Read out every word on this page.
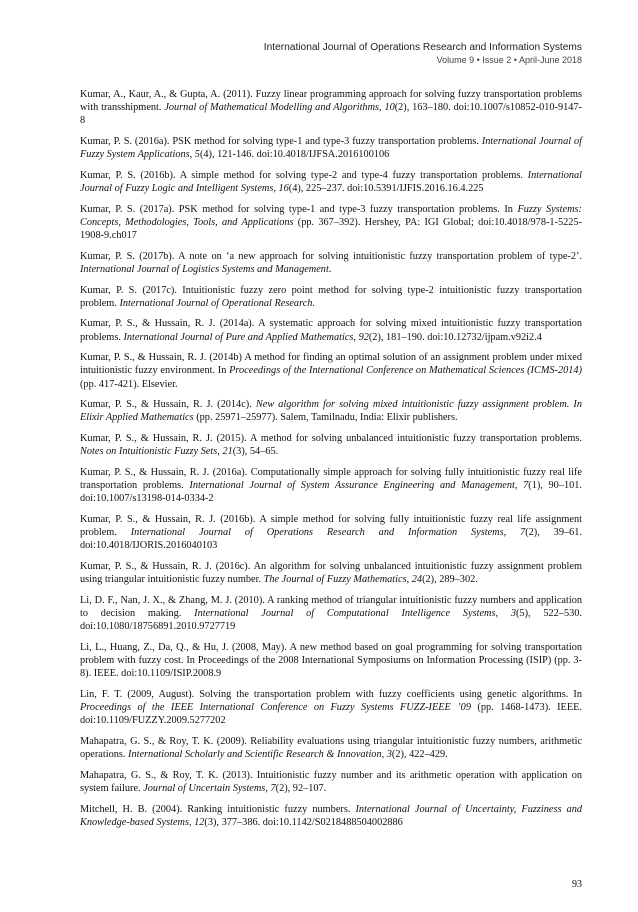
International Journal of Operations Research and Information Systems
Volume 9 • Issue 2 • April-June 2018

Kumar, A., Kaur, A., & Gupta, A. (2011). Fuzzy linear programming approach for solving fuzzy transportation problems with transshipment. Journal of Mathematical Modelling and Algorithms, 10(2), 163–180. doi:10.1007/s10852-010-9147-8

Kumar, P. S. (2016a). PSK method for solving type-1 and type-3 fuzzy transportation problems. International Journal of Fuzzy System Applications, 5(4), 121-146. doi:10.4018/IJFSA.2016100106

Kumar, P. S. (2016b). A simple method for solving type-2 and type-4 fuzzy transportation problems. International Journal of Fuzzy Logic and Intelligent Systems, 16(4), 225–237. doi:10.5391/IJFIS.2016.16.4.225

Kumar, P. S. (2017a). PSK method for solving type-1 and type-3 fuzzy transportation problems. In Fuzzy Systems: Concepts, Methodologies, Tools, and Applications (pp. 367–392). Hershey, PA: IGI Global; doi:10.4018/978-1-5225-1908-9.ch017

Kumar, P. S. (2017b). A note on ‘a new approach for solving intuitionistic fuzzy transportation problem of type-2’. International Journal of Logistics Systems and Management.

Kumar, P. S. (2017c). Intuitionistic fuzzy zero point method for solving type-2 intuitionistic fuzzy transportation problem. International Journal of Operational Research.

Kumar, P. S., & Hussain, R. J. (2014a). A systematic approach for solving mixed intuitionistic fuzzy transportation problems. International Journal of Pure and Applied Mathematics, 92(2), 181–190. doi:10.12732/ijpam.v92i2.4

Kumar, P. S., & Hussain, R. J. (2014b) A method for finding an optimal solution of an assignment problem under mixed intuitionistic fuzzy environment. In Proceedings of the International Conference on Mathematical Sciences (ICMS-2014) (pp. 417-421). Elsevier.

Kumar, P. S., & Hussain, R. J. (2014c). New algorithm for solving mixed intuitionistic fuzzy assignment problem. In Elixir Applied Mathematics (pp. 25971–25977). Salem, Tamilnadu, India: Elixir publishers.

Kumar, P. S., & Hussain, R. J. (2015). A method for solving unbalanced intuitionistic fuzzy transportation problems. Notes on Intuitionistic Fuzzy Sets, 21(3), 54–65.

Kumar, P. S., & Hussain, R. J. (2016a). Computationally simple approach for solving fully intuitionistic fuzzy real life transportation problems. International Journal of System Assurance Engineering and Management, 7(1), 90–101. doi:10.1007/s13198-014-0334-2

Kumar, P. S., & Hussain, R. J. (2016b). A simple method for solving fully intuitionistic fuzzy real life assignment problem. International Journal of Operations Research and Information Systems, 7(2), 39–61. doi:10.4018/IJORIS.2016040103

Kumar, P. S., & Hussain, R. J. (2016c). An algorithm for solving unbalanced intuitionistic fuzzy assignment problem using triangular intuitionistic fuzzy number. The Journal of Fuzzy Mathematics, 24(2), 289–302.

Li, D. F., Nan, J. X., & Zhang, M. J. (2010). A ranking method of triangular intuitionistic fuzzy numbers and application to decision making. International Journal of Computational Intelligence Systems, 3(5), 522–530. doi:10.1080/18756891.2010.9727719

Li, L., Huang, Z., Da, Q., & Hu, J. (2008, May). A new method based on goal programming for solving transportation problem with fuzzy cost. In Proceedings of the 2008 International Symposiums on Information Processing (ISIP) (pp. 3-8). IEEE. doi:10.1109/ISIP.2008.9

Lin, F. T. (2009, August). Solving the transportation problem with fuzzy coefficients using genetic algorithms. In Proceedings of the IEEE International Conference on Fuzzy Systems FUZZ-IEEE ’09 (pp. 1468-1473). IEEE. doi:10.1109/FUZZY.2009.5277202

Mahapatra, G. S., & Roy, T. K. (2009). Reliability evaluations using triangular intuitionistic fuzzy numbers, arithmetic operations. International Scholarly and Scientific Research & Innovation, 3(2), 422–429.

Mahapatra, G. S., & Roy, T. K. (2013). Intuitionistic fuzzy number and its arithmetic operation with application on system failure. Journal of Uncertain Systems, 7(2), 92–107.

Mitchell, H. B. (2004). Ranking intuitionistic fuzzy numbers. International Journal of Uncertainty, Fuzziness and Knowledge-based Systems, 12(3), 377–386. doi:10.1142/S0218488504002886

93
